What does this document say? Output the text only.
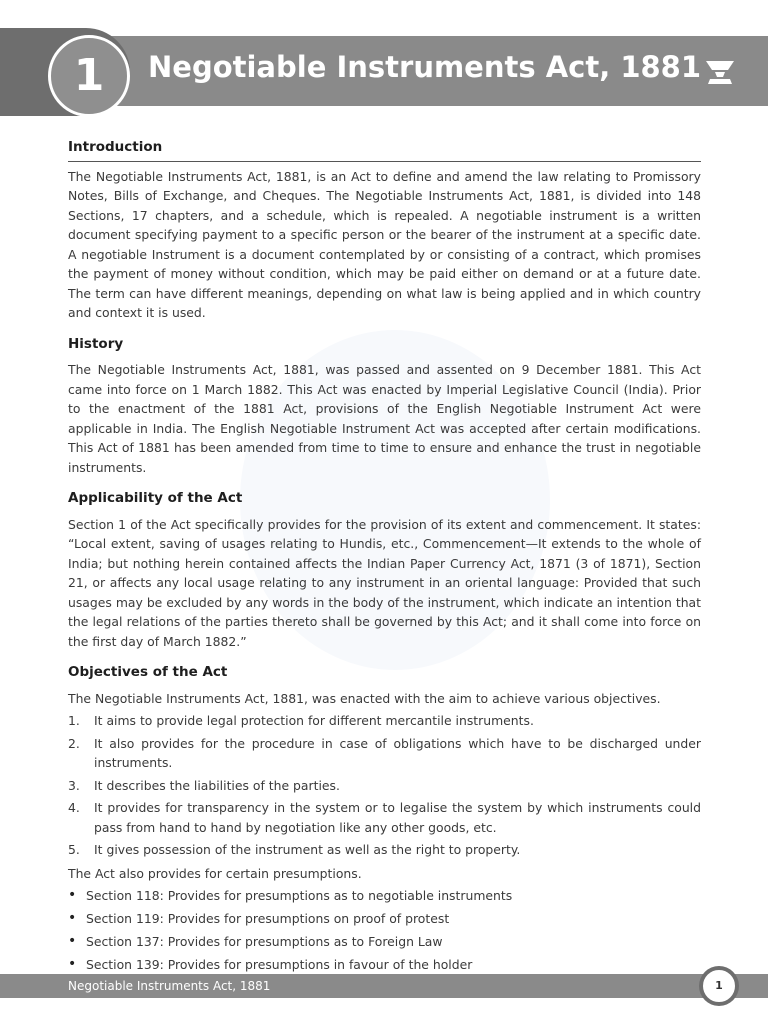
1	Negotiable Instruments Act, 1881
Introduction

The Negotiable Instruments Act, 1881, is an Act to define and amend the law relating to Promissory Notes, Bills of Exchange, and Cheques. The Negotiable Instruments Act, 1881, is divided into 148 Sections, 17 chapters, and a schedule, which is repealed. A negotiable instrument is a written document specifying payment to a specific person or the bearer of the instrument at a specific date. A negotiable Instrument is a document contemplated by or consisting of a contract, which promises the payment of money without condition, which may be paid either on demand or at a future date. The term can have different meanings, depending on what law is being applied and in which country and context it is used.

History

The Negotiable Instruments Act, 1881, was passed and assented on 9 December 1881. This Act came into force on 1 March 1882. This Act was enacted by Imperial Legislative Council (India). Prior to the enactment of the 1881 Act, provisions of the English Negotiable Instrument Act were applicable in India. The English Negotiable Instrument Act was accepted after certain modifications. This Act of 1881 has been amended from time to time to ensure and enhance the trust in negotiable instruments.

Applicability of the Act

Section 1 of the Act specifically provides for the provision of its extent and commencement. It states: “Local extent, saving of usages relating to Hundis, etc., Commencement—It extends to the whole of India; but nothing herein contained affects the Indian Paper Currency Act, 1871 (3 of 1871), Section 21, or affects any local usage relating to any instrument in an oriental language: Provided that such usages may be excluded by any words in the body of the instrument, which indicate an intention that the legal relations of the parties thereto shall be governed by this Act; and it shall come into force on the first day of March 1882.”

Objectives of the Act

The Negotiable Instruments Act, 1881, was enacted with the aim to achieve various objectives.

1. It aims to provide legal protection for different mercantile instruments.
2. It also provides for the procedure in case of obligations which have to be discharged under instruments.
3. It describes the liabilities of the parties.
4. It provides for transparency in the system or to legalise the system by which instruments could pass from hand to hand by negotiation like any other goods, etc.
5. It gives possession of the instrument as well as the right to property.

The Act also provides for certain presumptions.

• Section 118: Provides for presumptions as to negotiable instruments
• Section 119: Provides for presumptions on proof of protest
• Section 137: Provides for presumptions as to Foreign Law
• Section 139: Provides for presumptions in favour of the holder
Negotiable Instruments Act, 1881	1
